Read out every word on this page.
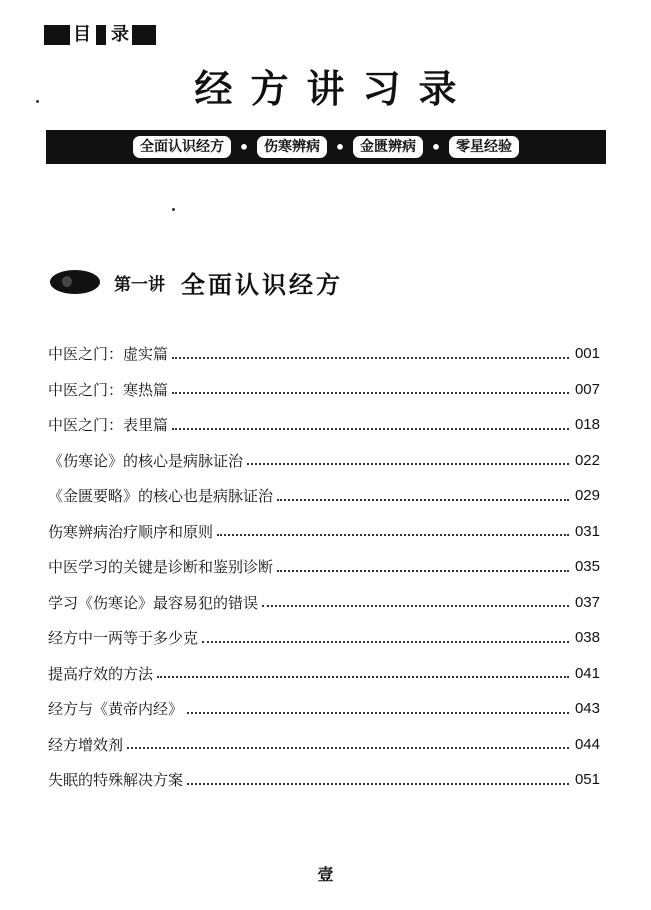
目 录
经方讲习录
全面认识经方 •	伤寒辨病 •	金匮辨病 •	零星经验
第一讲 全面认识经方
中医之门：虚实篇	001
中医之门：寒热篇	007
中医之门：表里篇	018
《伤寒论》的核心是病脉证治	022
《金匮要略》的核心也是病脉证治	029
伤寒辨病治疗顺序和原则	031
中医学习的关键是诊断和鉴别诊断	035
学习《伤寒论》最容易犯的错误	037
经方中一两等于多少克	038
提高疗效的方法	041
经方与《黄帝内经》	043
经方增效剂	044
失眠的特殊解决方案	051
壹
